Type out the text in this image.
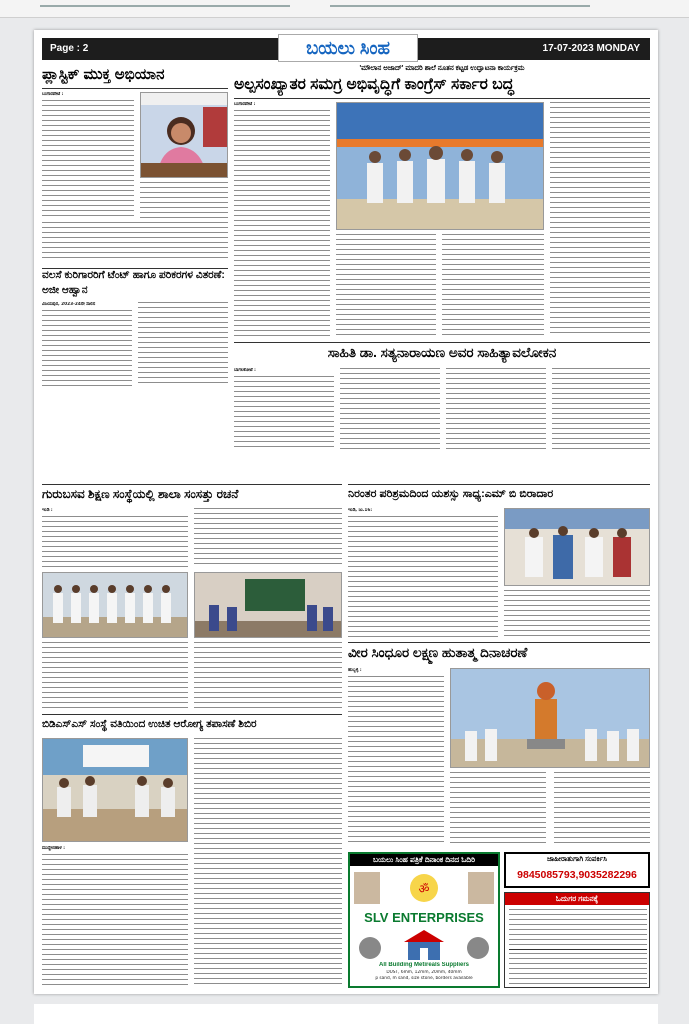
Page : 2	ಬಯಲು ಸಿಂಹ	17-07-2023 MONDAY
ಪ್ಲಾಸ್ಟಿಕ್ ಮುಕ್ತ ಅಭಿಯಾನ
ಬಂಗಾರಪೇಟೆ :
'ಮೌಲಾನ ಅಜಾದ್' ಮಾದರಿ ಶಾಲೆ ನೂತನ ಕಟ್ಟಡ ಉದ್ಘಾಟನಾ ಕಾರ್ಯಕ್ರಮ
ಅಲ್ಪಸಂಖ್ಯಾತರ ಸಮಗ್ರ ಅಭಿವೃದ್ಧಿಗೆ ಕಾಂಗ್ರೆಸ್ ಸರ್ಕಾರ ಬದ್ಧ
ಬಂಗಾರಪೇಟೆ :
ವಲಸೆ ಕುರಿಗಾರರಿಗೆ ಟೆಂಟ್ ಹಾಗೂ ಪರಿಕರಗಳ ವಿತರಣೆ: ಅಜೀ ಆಹ್ವಾನ
ವಿಜಯಪುರ, 2023-24ನೇ ಸಾಲಿನ
ಸಾಹಿತಿ ಡಾ. ಸತ್ಯನಾರಾಯಣ ಅವರ ಸಾಹಿತ್ಯಾವಲೋಕನ
ಬಾಗಲಕೋಟೆ :
ಗುರುಬಸವ ಶಿಕ್ಷಣ ಸಂಸ್ಥೆಯಲ್ಲಿ ಶಾಲಾ ಸಂಸತ್ತು ರಚನೆ
ಇಂಡಿ :
ನಿರಂತರ ಪರಿಶ್ರಮದಿಂದ ಯಶಸ್ಸು ಸಾಧ್ಯ:ಎಮ್ ಬಿ ಬಿರಾದಾರ
ಇಂಡಿ, ಜು.16:
ವೀರ ಸಿಂಧೂರ ಲಕ್ಷ್ಮಣ ಹುತಾತ್ಮ ದಿನಾಚರಣೆ
ಹುಬ್ಬಳ್ಳಿ :
ಬಿಡಿಎಸ್ಎಸ್ ಸಂಸ್ಥೆ ವತಿಯಿಂದ ಉಚಿತ ಆರೋಗ್ಯ ತಪಾಸಣೆ ಶಿಬಿರ
ಮುದ್ದೇಬಿಹಾಳ :
ಬಯಲು ಸಿಂಹ ಪತ್ರಿಕೆ ದಿನಾಂಕ ದಿನದ ಓದಿರಿ
ॐ
SLV ENTERPRISES
All Building Metireals Suppliers
DUST, 6mm, 12mm, 20mm, 40mm
p sand, m sand, size stone, borders available
ಜಾಹೀರಾತುಗಾಗಿ ಸಂಪರ್ಕಿಸಿ
9845085793,9035282296
ಓದುಗರ ಗಮನಕ್ಕೆ
